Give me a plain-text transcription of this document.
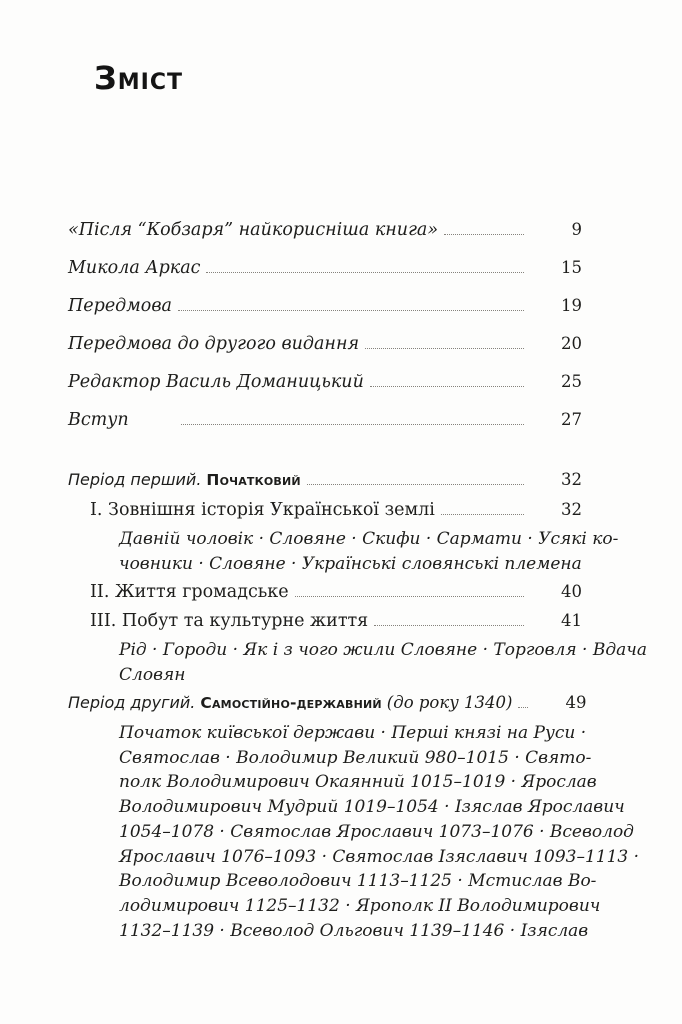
Зміст
«Після “Кобзаря” найкорисніша книга»	9
Микола Аркас	15
Передмова	19
Передмова до другого видання	20
Редактор Василь Доманицький	25
Вступ	27
Період перший. Початковий	32
I. Зовнішня історія Української землі	32
Давній чоловік · Словяне · Скифи · Сармати · Усякі ко-
човники · Словяне · Українські словянські племена
II. Життя громадське	40
III. Побут та культурне життя	41
Рід · Городи · Як і з чого жили Словяне · Торговля · Вдача
Словян
Період другий. Самостійно-державний (до року 1340)	49
Початок київської держави · Перші князі на Руси ·
Святослав · Володимир Великий 980–1015 · Свято-
полк Володимирович Окаянний 1015–1019 · Ярослав
Володимирович Мудрий 1019–1054 · Ізяслав Ярославич
1054–1078 · Святослав Ярославич 1073–1076 · Всеволод
Ярославич 1076–1093 · Святослав Ізяславич 1093–1113 ·
Володимир Всеволодович 1113–1125 · Мстислав Во-
лодимирович 1125–1132 · Ярополк II Володимирович
1132–1139 · Всеволод Ольгович 1139–1146 · Ізяслав
